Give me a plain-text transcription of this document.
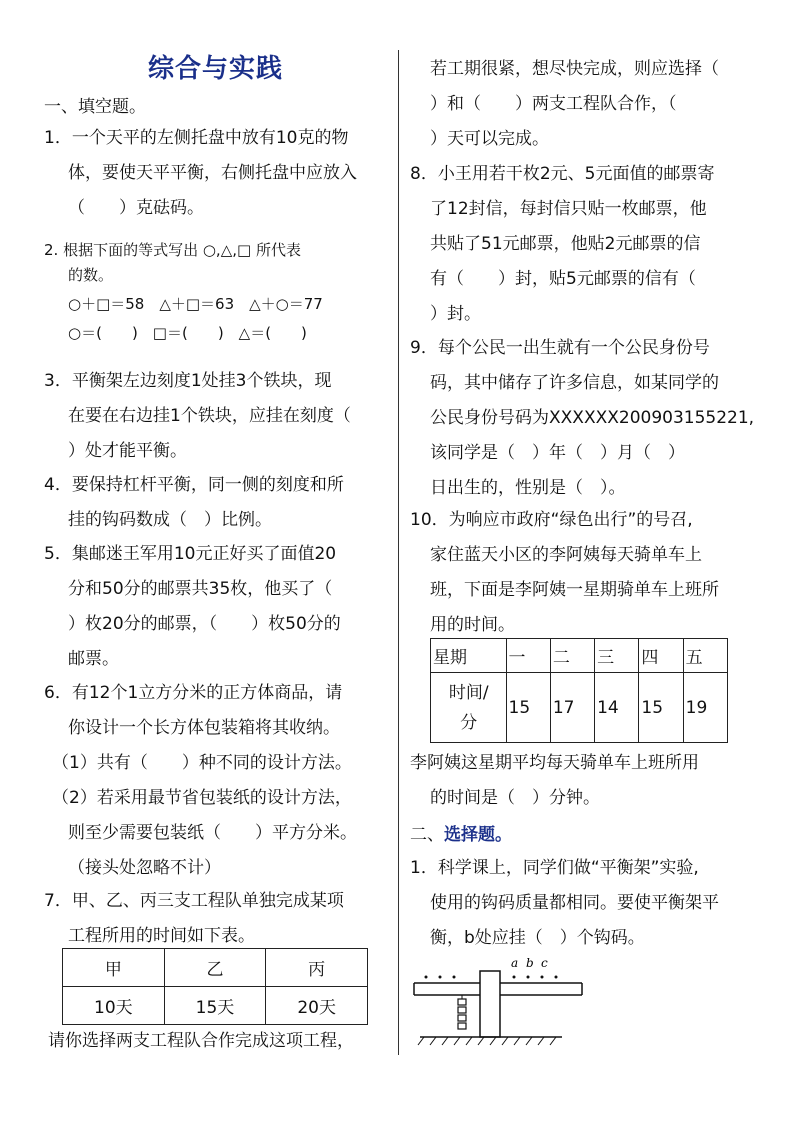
综合与实践
一、填空题。
1．一个天平的左侧托盘中放有10克的物
体，要使天平平衡，右侧托盘中应放入
（　　）克砝码。
2. 根据下面的等式写出 ○,△,□ 所代表
的数。
○＋□＝58　△＋□＝63　△＋○＝77
○＝(　　)　□＝(　　)　△＝(　　)
3．平衡架左边刻度1处挂3个铁块，现
在要在右边挂1个铁块，应挂在刻度（
）处才能平衡。
4．要保持杠杆平衡，同一侧的刻度和所
挂的钩码数成（　）比例。
5．集邮迷王军用10元正好买了面值20
分和50分的邮票共35枚，他买了（
）枚20分的邮票，（　　）枚50分的
邮票。
6．有12个1立方分米的正方体商品，请
你设计一个长方体包装箱将其收纳。
（1）共有（　　）种不同的设计方法。
（2）若采用最节省包装纸的设计方法，
则至少需要包装纸（　　）平方分米。
（接头处忽略不计）
7．甲、乙、丙三支工程队单独完成某项
工程所用的时间如下表。
甲	乙	丙
10天	15天	20天
请你选择两支工程队合作完成这项工程，
若工期很紧，想尽快完成，则应选择（
）和（　　）两支工程队合作，（
）天可以完成。
8．小王用若干枚2元、5元面值的邮票寄
了12封信，每封信只贴一枚邮票，他
共贴了51元邮票，他贴2元邮票的信
有（　　）封，贴5元邮票的信有（
）封。
9．每个公民一出生就有一个公民身份号
码，其中储存了许多信息，如某同学的
公民身份号码为XXXXXX200903155221,
该同学是（　）年（　）月（　）
日出生的，性别是（　）。
10．为响应市政府“绿色出行”的号召,
家住蓝天小区的李阿姨每天骑单车上
班，下面是李阿姨一星期骑单车上班所
用的时间。
星期	一	二	三	四	五
时间/
分	15	17	14	15	19
李阿姨这星期平均每天骑单车上班所用
的时间是（　）分钟。
二、选择题。
1．科学课上，同学们做“平衡架”实验,
使用的钩码质量都相同。要使平衡架平
衡，b处应挂（　）个钩码。
a b c
